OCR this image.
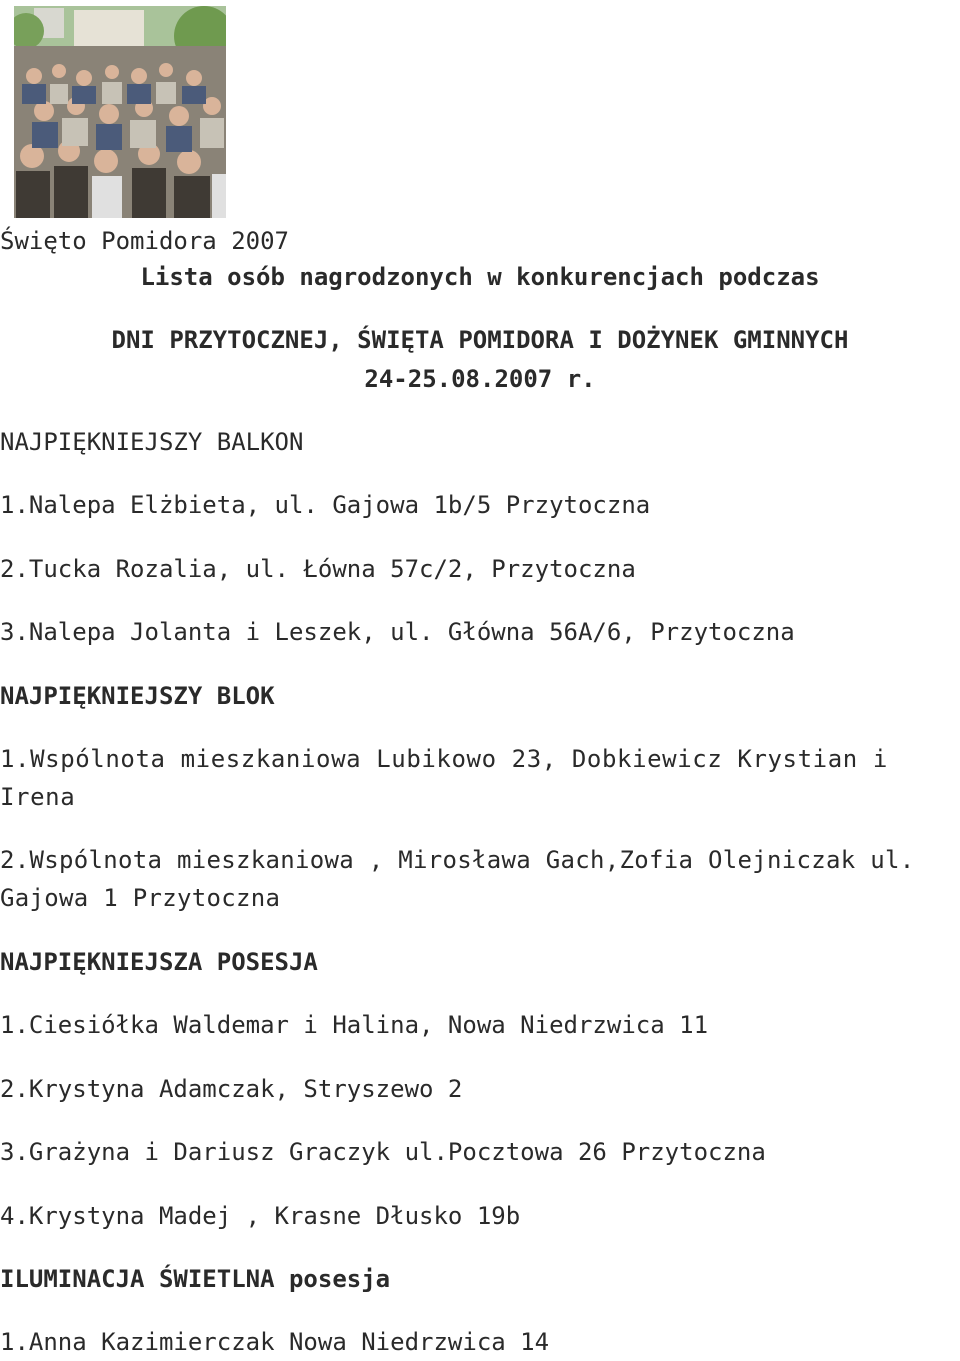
Święto Pomidora 2007
Lista osób nagrodzonych w konkurencjach podczas
DNI PRZYTOCZNEJ, ŚWIĘTA POMIDORA I DOŻYNEK GMINNYCH
24-25.08.2007 r.
NAJPIĘKNIEJSZY BALKON
1.Nalepa Elżbieta, ul. Gajowa 1b/5 Przytoczna
2.Tucka Rozalia, ul. Łówna 57c/2, Przytoczna
3.Nalepa Jolanta i Leszek, ul. Główna 56A/6, Przytoczna
NAJPIĘKNIEJSZY BLOK
1.Wspólnota mieszkaniowa Lubikowo 23, Dobkiewicz Krystian i Irena
2.Wspólnota mieszkaniowa , Mirosława Gach,Zofia Olejniczak ul. Gajowa 1 Przytoczna
NAJPIĘKNIEJSZA POSESJA
1.Ciesiółka Waldemar i Halina, Nowa Niedrzwica 11
2.Krystyna Adamczak, Stryszewo 2
3.Grażyna i Dariusz Graczyk ul.Pocztowa 26 Przytoczna
4.Krystyna Madej , Krasne Dłusko 19b
ILUMINACJA ŚWIETLNA posesja
1.Anna Kazimierczak Nowa Niedrzwica 14
